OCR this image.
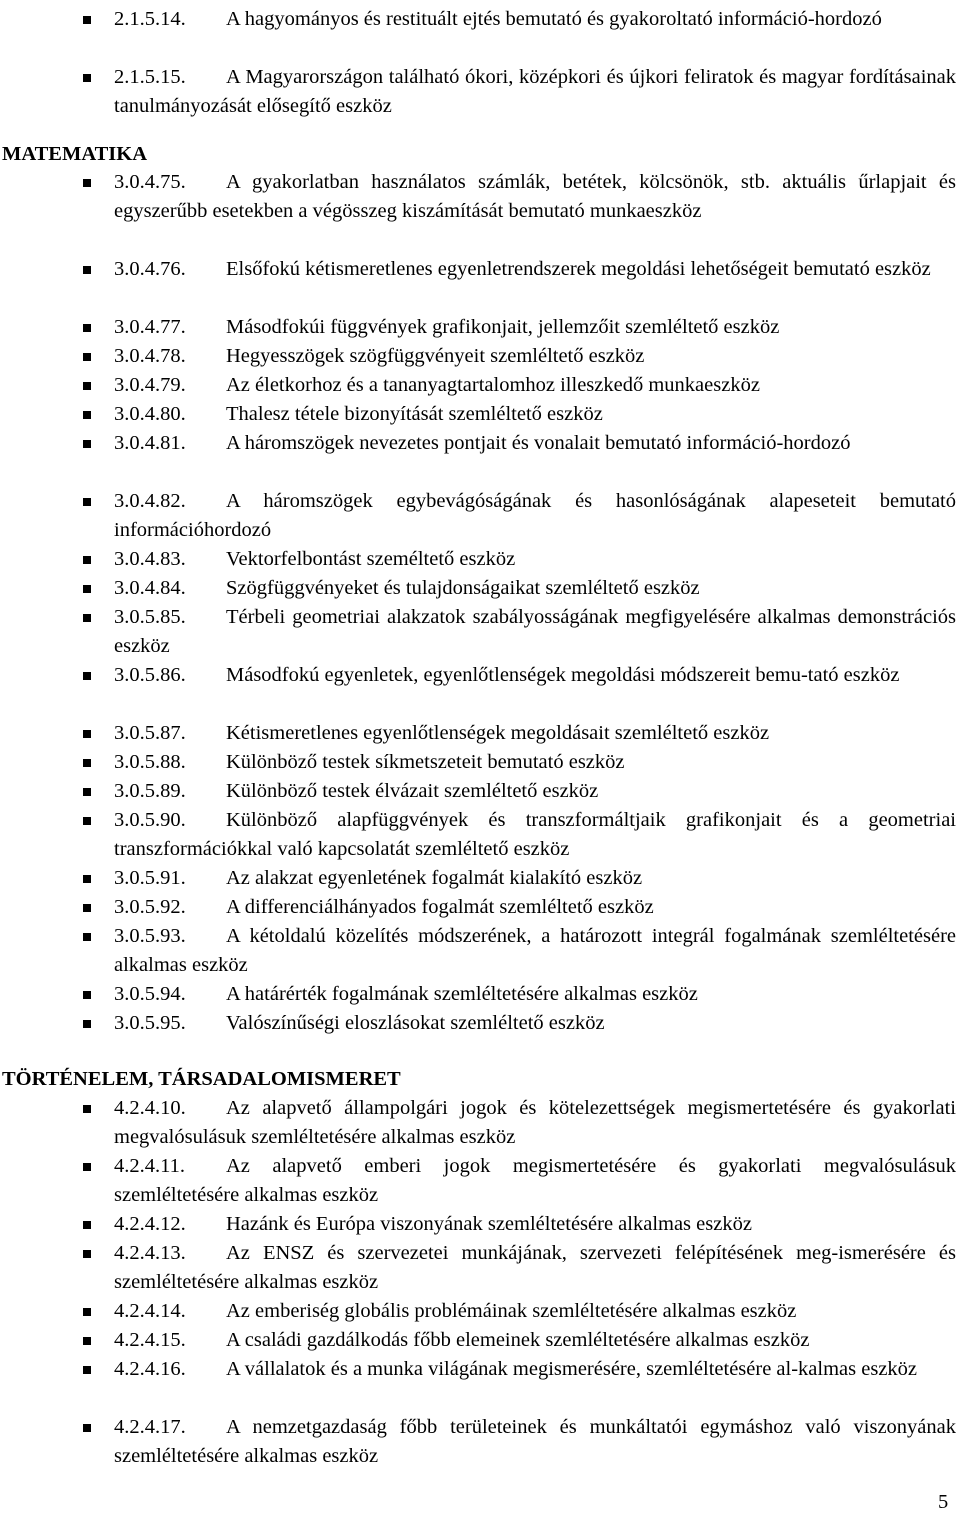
2.1.5.14. A hagyományos és restituált ejtés bemutató és gyakoroltató információ-hordozó
2.1.5.15. A Magyarországon található ókori, középkori és újkori feliratok és magyar fordításainak tanulmányozását elősegítő eszköz
MATEMATIKA
3.0.4.75. A gyakorlatban használatos számlák, betétek, kölcsönök, stb. aktuális űrlapjait és egyszerűbb esetekben a végösszeg kiszámítását bemutató munkaeszköz
3.0.4.76. Elsőfokú kétismeretlenes egyenletrendszerek megoldási lehetőségeit bemutató eszköz
3.0.4.77. Másodfokúi függvények grafikonjait, jellemzőit szemléltető eszköz
3.0.4.78. Hegyesszögek szögfüggvényeit szemléltető eszköz
3.0.4.79. Az életkorhoz és a tananyagtartalomhoz illeszkedő munkaeszköz
3.0.4.80. Thalesz tétele bizonyítását szemléltető eszköz
3.0.4.81. A háromszögek nevezetes pontjait és vonalait bemutató információ-hordozó
3.0.4.82. A háromszögek egybevágóságának és hasonlóságának alapeseteit bemutató információhordozó
3.0.4.83. Vektorfelbontást személtető eszköz
3.0.4.84. Szögfüggvényeket és tulajdonságaikat szemléltető eszköz
3.0.5.85. Térbeli geometriai alakzatok szabályosságának megfigyelésére alkalmas demonstrációs eszköz
3.0.5.86. Másodfokú egyenletek, egyenlőtlenségek megoldási módszereit bemu-tató eszköz
3.0.5.87. Kétismeretlenes egyenlőtlenségek megoldásait szemléltető eszköz
3.0.5.88. Különböző testek síkmetszeteit bemutató eszköz
3.0.5.89. Különböző testek élvázait szemléltető eszköz
3.0.5.90. Különböző alapfüggvények és transzformáltjaik grafikonjait és a geometriai transzformációkkal való kapcsolatát szemléltető eszköz
3.0.5.91. Az alakzat egyenletének fogalmát kialakító eszköz
3.0.5.92. A differenciálhányados fogalmát szemléltető eszköz
3.0.5.93. A kétoldalú közelítés módszerének, a határozott integrál fogalmának szemléltetésére alkalmas eszköz
3.0.5.94. A határérték fogalmának szemléltetésére alkalmas eszköz
3.0.5.95. Valószínűségi eloszlásokat szemléltető eszköz
TÖRTÉNELEM, TÁRSADALOMISMERET
4.2.4.10. Az alapvető állampolgári jogok és kötelezettségek megismertetésére és gyakorlati megvalósulásuk szemléltetésére alkalmas eszköz
4.2.4.11. Az alapvető emberi jogok megismertetésére és gyakorlati megvalósulásuk szemléltetésére alkalmas eszköz
4.2.4.12. Hazánk és Európa viszonyának szemléltetésére alkalmas eszköz
4.2.4.13. Az ENSZ és szervezetei munkájának, szervezeti felépítésének meg-ismerésére és szemléltetésére alkalmas eszköz
4.2.4.14. Az emberiség globális problémáinak szemléltetésére alkalmas eszköz
4.2.4.15. A családi gazdálkodás főbb elemeinek szemléltetésére alkalmas eszköz
4.2.4.16. A vállalatok és a munka világának megismerésére, szemléltetésére al-kalmas eszköz
4.2.4.17. A nemzetgazdaság főbb területeinek és munkáltatói egymáshoz való viszonyának szemléltetésére alkalmas eszköz
5
